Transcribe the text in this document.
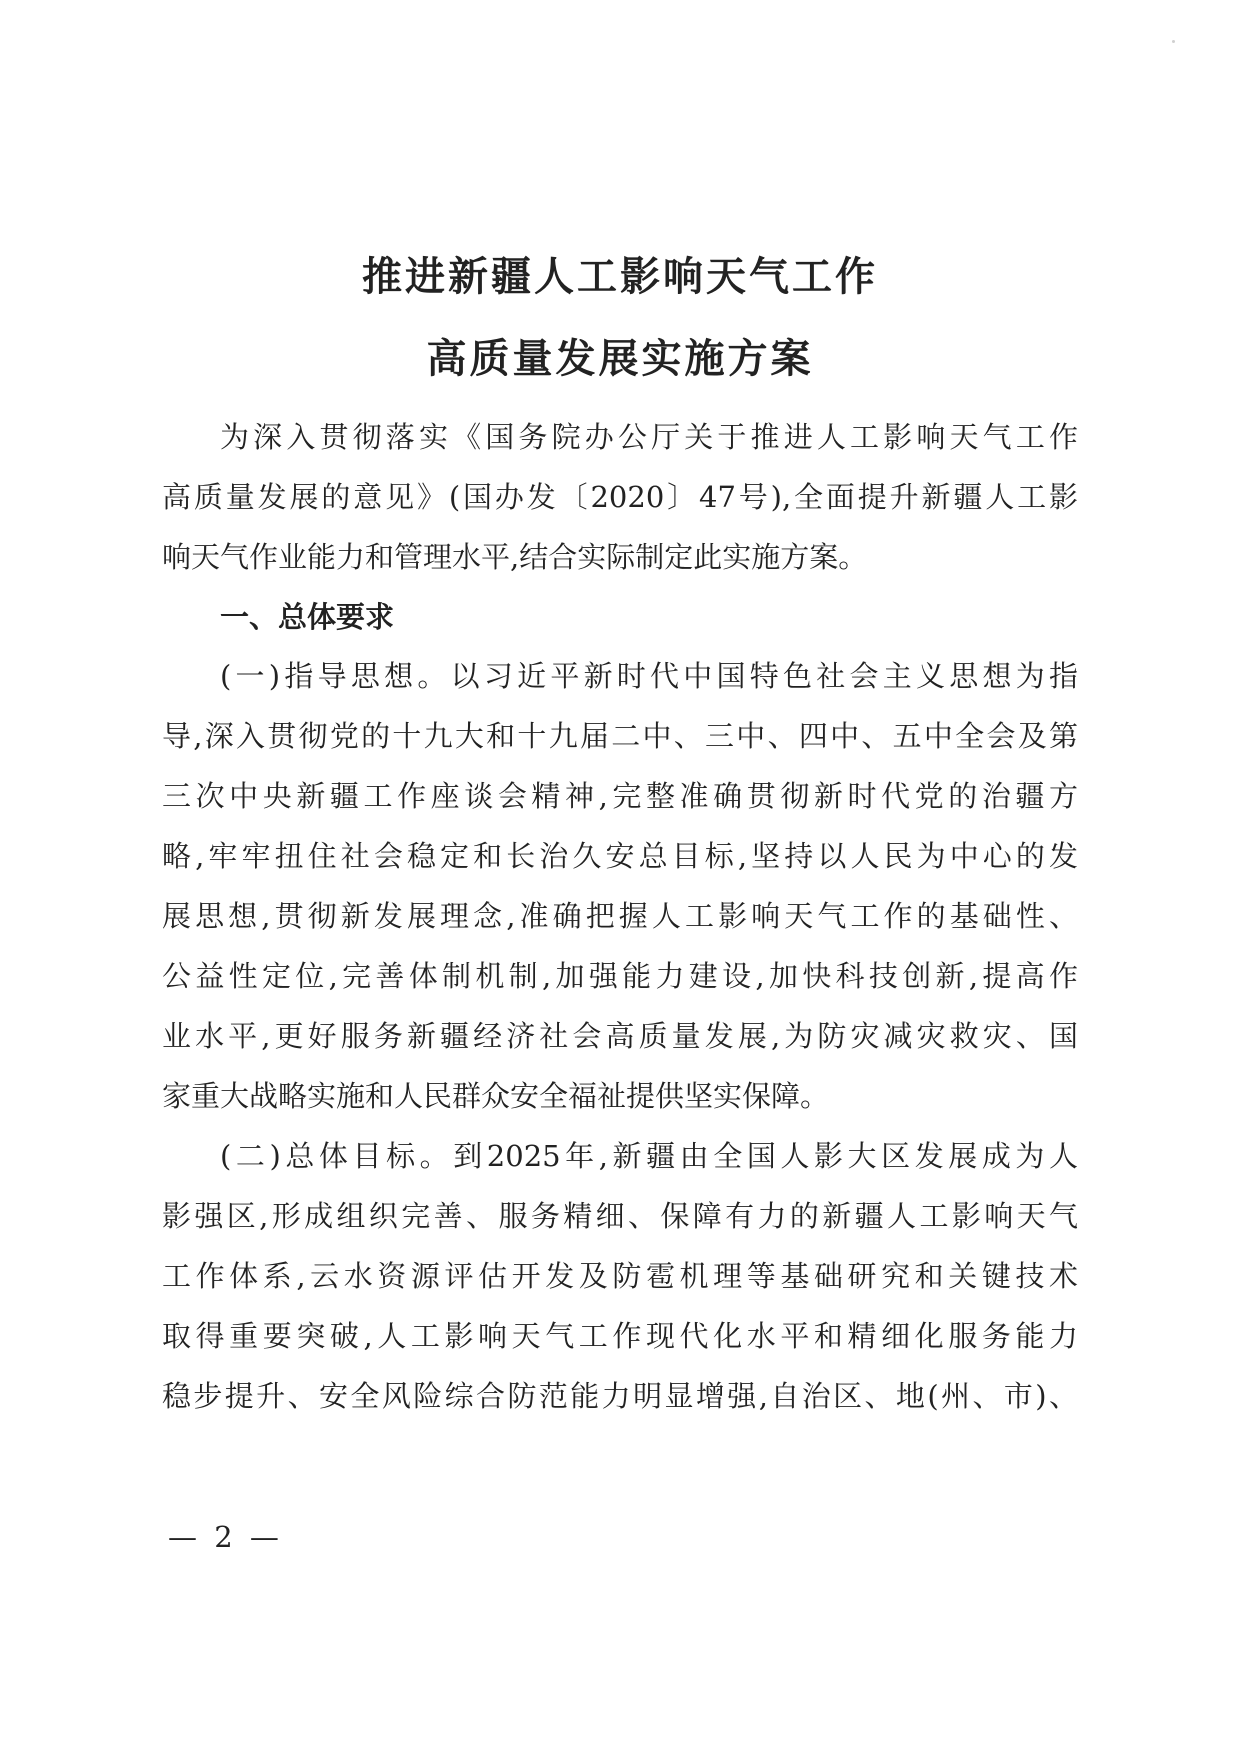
推进新疆人工影响天气工作
高质量发展实施方案
为深入贯彻落实《国务院办公厅关于推进人工影响天气工作
高质量发展的意见》(国办发〔2020〕47号),全面提升新疆人工影
响天气作业能力和管理水平,结合实际制定此实施方案。
一、总体要求
(一)指导思想。以习近平新时代中国特色社会主义思想为指
导,深入贯彻党的十九大和十九届二中、三中、四中、五中全会及第
三次中央新疆工作座谈会精神,完整准确贯彻新时代党的治疆方
略,牢牢扭住社会稳定和长治久安总目标,坚持以人民为中心的发
展思想,贯彻新发展理念,准确把握人工影响天气工作的基础性、
公益性定位,完善体制机制,加强能力建设,加快科技创新,提高作
业水平,更好服务新疆经济社会高质量发展,为防灾减灾救灾、国
家重大战略实施和人民群众安全福祉提供坚实保障。
(二)总体目标。到2025年,新疆由全国人影大区发展成为人
影强区,形成组织完善、服务精细、保障有力的新疆人工影响天气
工作体系,云水资源评估开发及防雹机理等基础研究和关键技术
取得重要突破,人工影响天气工作现代化水平和精细化服务能力
稳步提升、安全风险综合防范能力明显增强,自治区、地(州、市)、
— 2 —
